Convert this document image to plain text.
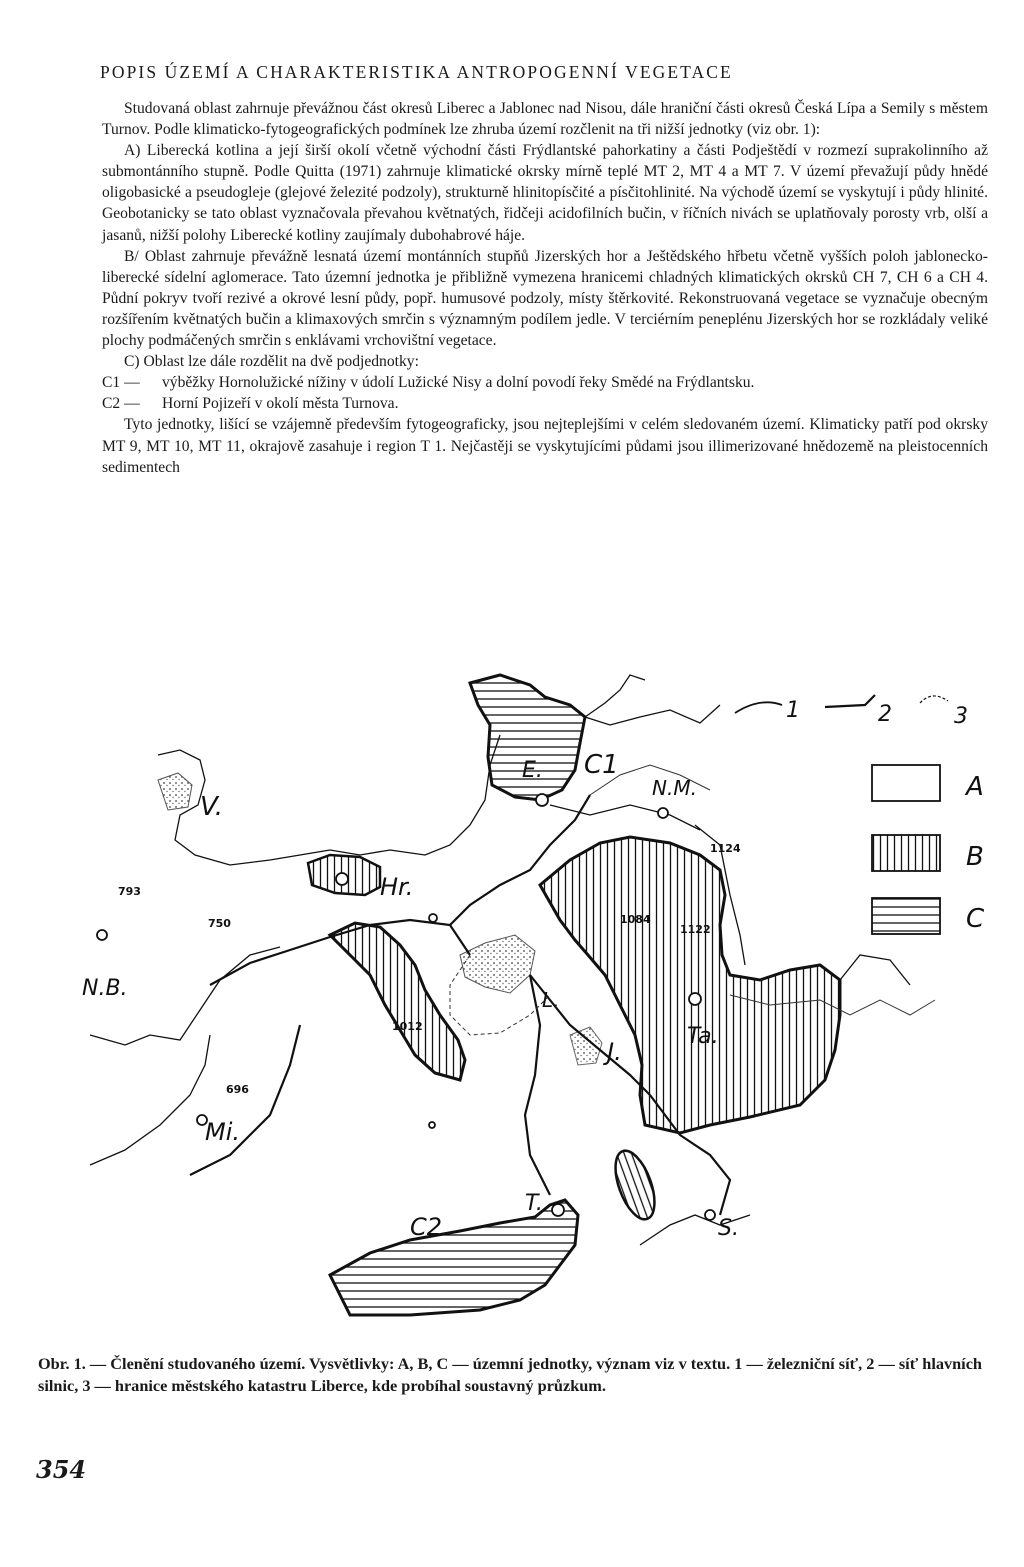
POPIS ÚZEMÍ A CHARAKTERISTIKA ANTROPOGENNÍ VEGETACE

Studovaná oblast zahrnuje převážnou část okresů Liberec a Jablonec nad Nisou, dále hraniční části okresů Česká Lípa a Semily s městem Turnov. Podle klimaticko-fytogeografických podmínek lze zhruba území rozčlenit na tři nižší jednotky (viz obr. 1):

A) Liberecká kotlina a její širší okolí včetně východní části Frýdlantské pahorkatiny a části Podještědí v rozmezí suprakolinního až submontánního stupně. Podle Quitta (1971) zahrnuje klimatické okrsky mírně teplé MT 2, MT 4 a MT 7. V území převažují půdy hnědé oligobasické a pseudogleje (glejové železité podzoly), strukturně hlinitopísčité a písčitohlinité. Na východě území se vyskytují i půdy hlinité. Geobotanicky se tato oblast vyznačovala převahou květnatých, řidčeji acidofilních bučin, v říčních nivách se uplatňovaly porosty vrb, olší a jasanů, nižší polohy Liberecké kotliny zaujímaly dubohabrové háje.

B/ Oblast zahrnuje převážně lesnatá území montánních stupňů Jizerských hor a Ještědského hřbetu včetně vyšších poloh jablonecko-liberecké sídelní aglomerace. Tato územní jednotka je přibližně vymezena hranicemi chladných klimatických okrsků CH 7, CH 6 a CH 4. Půdní pokryv tvoří rezivé a okrové lesní půdy, popř. humusové podzoly, místy štěrkovité. Rekonstruovaná vegetace se vyznačuje obecným rozšířením květnatých bučin a klimaxových smrčin s významným podílem jedle. V terciérním peneplénu Jizerských hor se rozkládaly veliké plochy podmáčených smrčin s enklávami vrchovištní vegetace.

C) Oblast lze dále rozdělit na dvě podjednotky:

C1 — výběžky Hornolužické nížiny v údolí Lužické Nisy a dolní povodí řeky Smědé na Frýdlantsku.
C2 — Horní Pojizeří v okolí města Turnova.

Tyto jednotky, lišící se vzájemně především fytogeograficky, jsou nejteplejšími v celém sledovaném území. Klimaticky patří pod okrsky MT 9, MT 10, MT 11, okrajově zasahuje i region T 1. Nejčastěji se vyskytujícími půdami jsou illimerizované hnědozemě na pleistocenních sedimentech

1	2	3
A
B
C
C1
N.M.
V.
Hr.
N.B.
Mi.
J.
Ta.
T.
S.
C2
E.
L.
793
750
1124
1084
1122
1012
696
Obr. 1. — Členění studovaného území. Vysvětlivky: A, B, C — územní jednotky, význam viz v textu. 1 — železniční síť, 2 — síť hlavních silnic, 3 — hranice městského katastru Liberce, kde probíhal soustavný průzkum.
354
